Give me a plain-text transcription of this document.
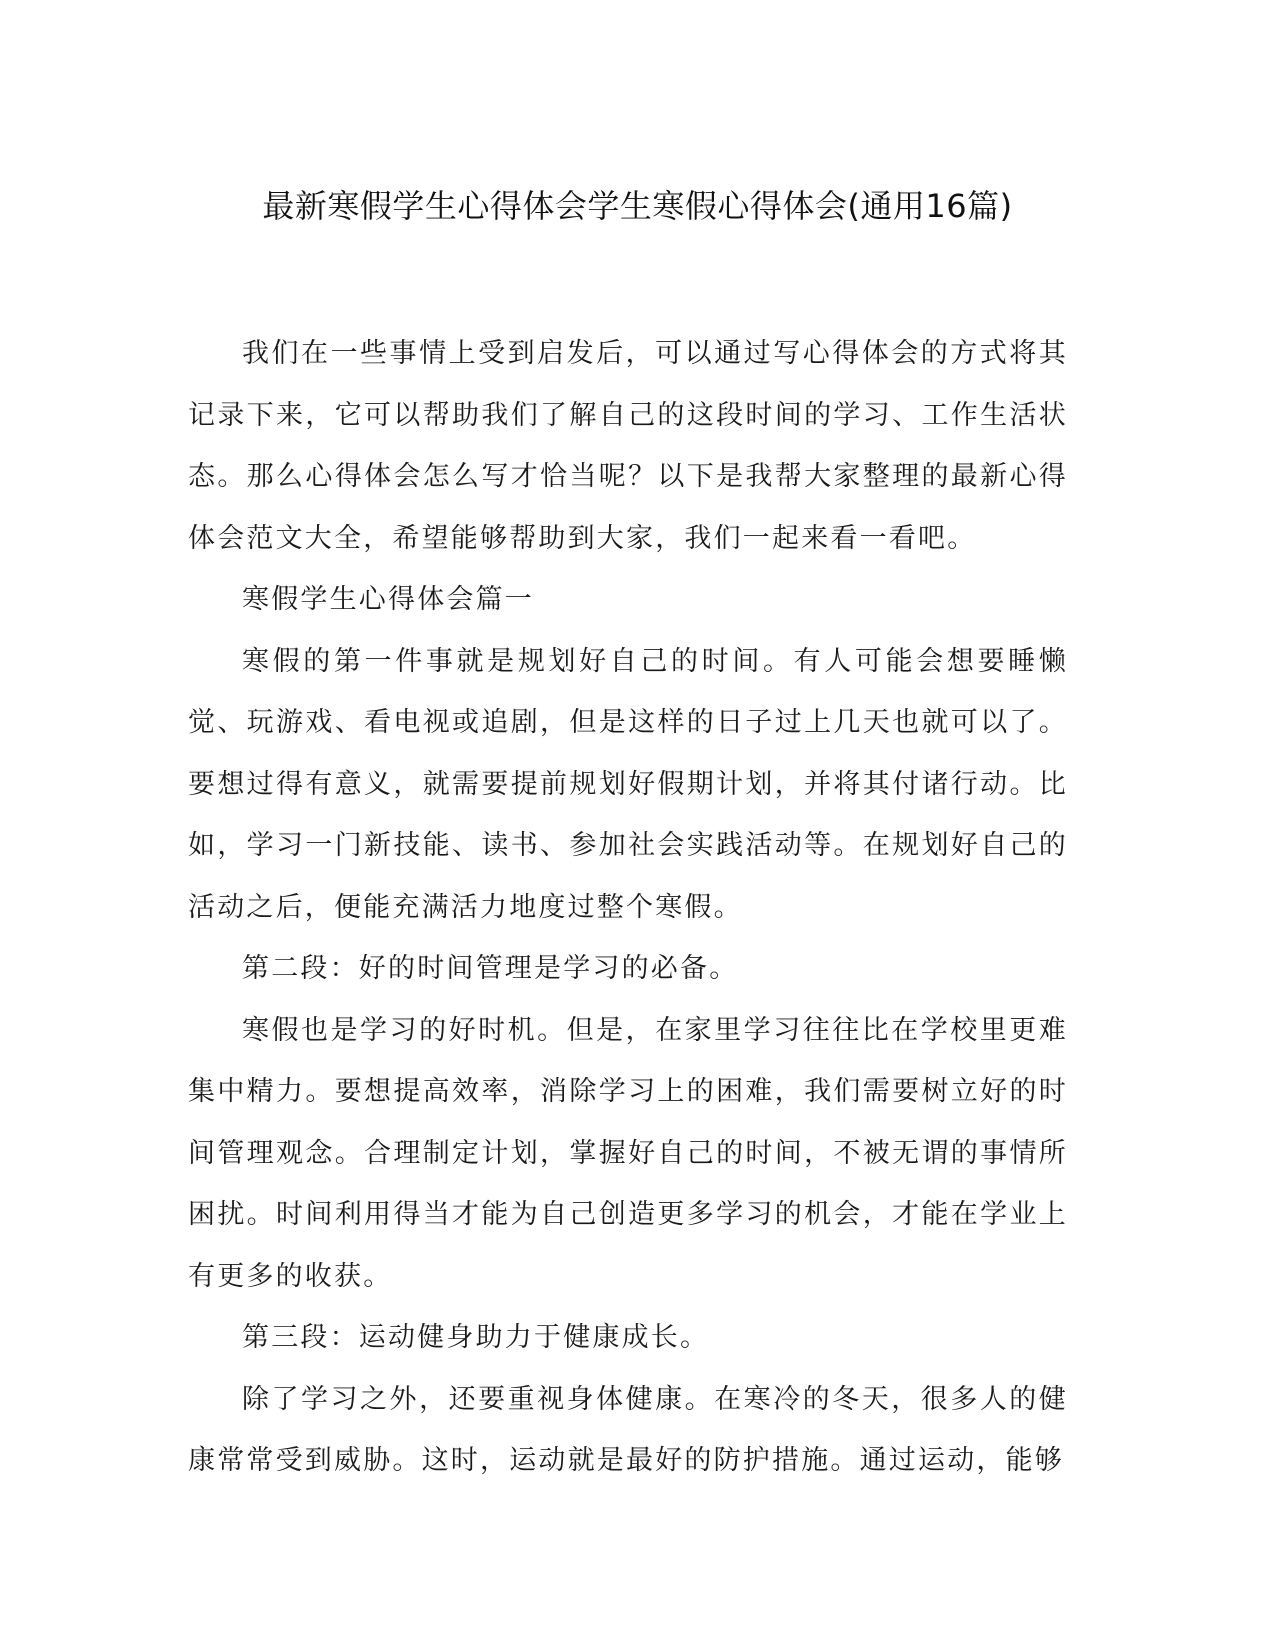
最新寒假学生心得体会学生寒假心得体会(通用16篇)

我们在一些事情上受到启发后，可以通过写心得体会的方式将其记录下来，它可以帮助我们了解自己的这段时间的学习、工作生活状态。那么心得体会怎么写才恰当呢？以下是我帮大家整理的最新心得体会范文大全，希望能够帮助到大家，我们一起来看一看吧。

寒假学生心得体会篇一

寒假的第一件事就是规划好自己的时间。有人可能会想要睡懒觉、玩游戏、看电视或追剧，但是这样的日子过上几天也就可以了。要想过得有意义，就需要提前规划好假期计划，并将其付诸行动。比如，学习一门新技能、读书、参加社会实践活动等。在规划好自己的活动之后，便能充满活力地度过整个寒假。

第二段：好的时间管理是学习的必备。

寒假也是学习的好时机。但是，在家里学习往往比在学校里更难集中精力。要想提高效率，消除学习上的困难，我们需要树立好的时间管理观念。合理制定计划，掌握好自己的时间，不被无谓的事情所困扰。时间利用得当才能为自己创造更多学习的机会，才能在学业上有更多的收获。

第三段：运动健身助力于健康成长。

除了学习之外，还要重视身体健康。在寒冷的冬天，很多人的健康常常受到威胁。这时，运动就是最好的防护措施。通过运动，能够
